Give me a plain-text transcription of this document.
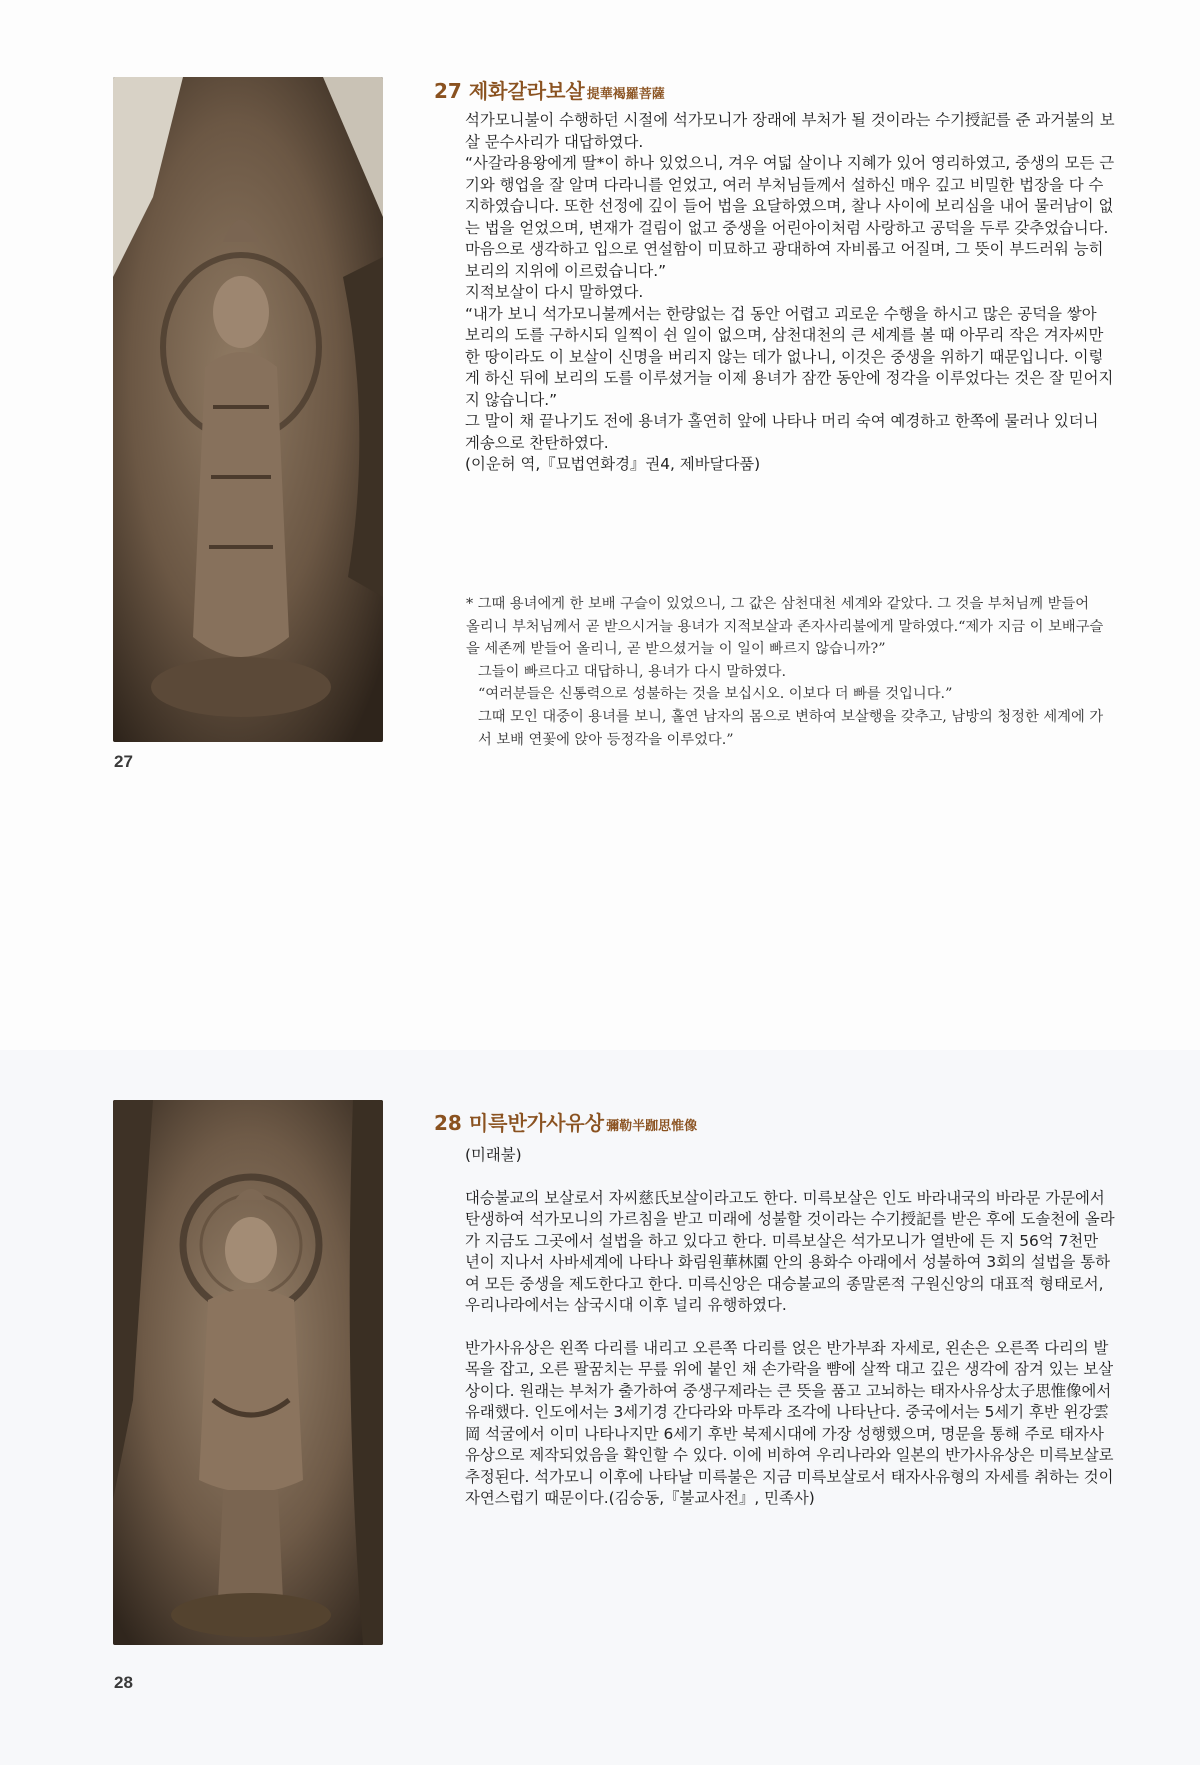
27
27 제화갈라보살 提華褐羅菩薩

석가모니불이 수행하던 시절에 석가모니가 장래에 부처가 될 것이라는 수기授記를 준 과거불의 보살 문수사리가 대답하였다.

“사갈라용왕에게 딸*이 하나 있었으니, 겨우 여덟 살이나 지혜가 있어 영리하였고, 중생의 모든 근기와 행업을 잘 알며 다라니를 얻었고, 여러 부처님들께서 설하신 매우 깊고 비밀한 법장을 다 수지하였습니다. 또한 선정에 깊이 들어 법을 요달하였으며, 찰나 사이에 보리심을 내어 물러남이 없는 법을 얻었으며, 변재가 걸림이 없고 중생을 어린아이처럼 사랑하고 공덕을 두루 갖추었습니다. 마음으로 생각하고 입으로 연설함이 미묘하고 광대하여 자비롭고 어질며, 그 뜻이 부드러워 능히 보리의 지위에 이르렀습니다.”

지적보살이 다시 말하였다.

“내가 보니 석가모니불께서는 한량없는 겁 동안 어렵고 괴로운 수행을 하시고 많은 공덕을 쌓아 보리의 도를 구하시되 일찍이 쉰 일이 없으며, 삼천대천의 큰 세계를 볼 때 아무리 작은 겨자씨만한 땅이라도 이 보살이 신명을 버리지 않는 데가 없나니, 이것은 중생을 위하기 때문입니다. 이렇게 하신 뒤에 보리의 도를 이루셨거늘 이제 용녀가 잠깐 동안에 정각을 이루었다는 것은 잘 믿어지지 않습니다.”

그 말이 채 끝나기도 전에 용녀가 홀연히 앞에 나타나 머리 숙여 예경하고 한쪽에 물러나 있더니 게송으로 찬탄하였다.

(이운허 역,『묘법연화경』권4, 제바달다품)

* 그때 용녀에게 한 보배 구슬이 있었으니, 그 값은 삼천대천 세계와 같았다. 그 것을 부처님께 받들어 올리니 부처님께서 곧 받으시거늘 용녀가 지적보살과 존자사리불에게 말하였다.“제가 지금 이 보배구슬을 세존께 받들어 올리니, 곧 받으셨거늘 이 일이 빠르지 않습니까?”

그들이 빠르다고 대답하니, 용녀가 다시 말하였다.

“여러분들은 신통력으로 성불하는 것을 보십시오. 이보다 더 빠를 것입니다.”

그때 모인 대중이 용녀를 보니, 홀연 남자의 몸으로 변하여 보살행을 갖추고, 남방의 청정한 세계에 가서 보배 연꽃에 앉아 등정각을 이루었다.”

28
28 미륵반가사유상 彌勒半跏思惟像

(미래불)

대승불교의 보살로서 자씨慈氏보살이라고도 한다. 미륵보살은 인도 바라내국의 바라문 가문에서 탄생하여 석가모니의 가르침을 받고 미래에 성불할 것이라는 수기授記를 받은 후에 도솔천에 올라가 지금도 그곳에서 설법을 하고 있다고 한다. 미륵보살은 석가모니가 열반에 든 지 56억 7천만 년이 지나서 사바세계에 나타나 화림원華林園 안의 용화수 아래에서 성불하여 3회의 설법을 통하여 모든 중생을 제도한다고 한다. 미륵신앙은 대승불교의 종말론적 구원신앙의 대표적 형태로서, 우리나라에서는 삼국시대 이후 널리 유행하였다.

반가사유상은 왼쪽 다리를 내리고 오른쪽 다리를 얹은 반가부좌 자세로, 왼손은 오른쪽 다리의 발목을 잡고, 오른 팔꿈치는 무릎 위에 붙인 채 손가락을 뺨에 살짝 대고 깊은 생각에 잠겨 있는 보살상이다. 원래는 부처가 출가하여 중생구제라는 큰 뜻을 품고 고뇌하는 태자사유상太子思惟像에서 유래했다. 인도에서는 3세기경 간다라와 마투라 조각에 나타난다. 중국에서는 5세기 후반 윈강雲岡 석굴에서 이미 나타나지만 6세기 후반 북제시대에 가장 성행했으며, 명문을 통해 주로 태자사유상으로 제작되었음을 확인할 수 있다. 이에 비하여 우리나라와 일본의 반가사유상은 미륵보살로 추정된다. 석가모니 이후에 나타날 미륵불은 지금 미륵보살로서 태자사유형의 자세를 취하는 것이 자연스럽기 때문이다.(김승동,『불교사전』, 민족사)
